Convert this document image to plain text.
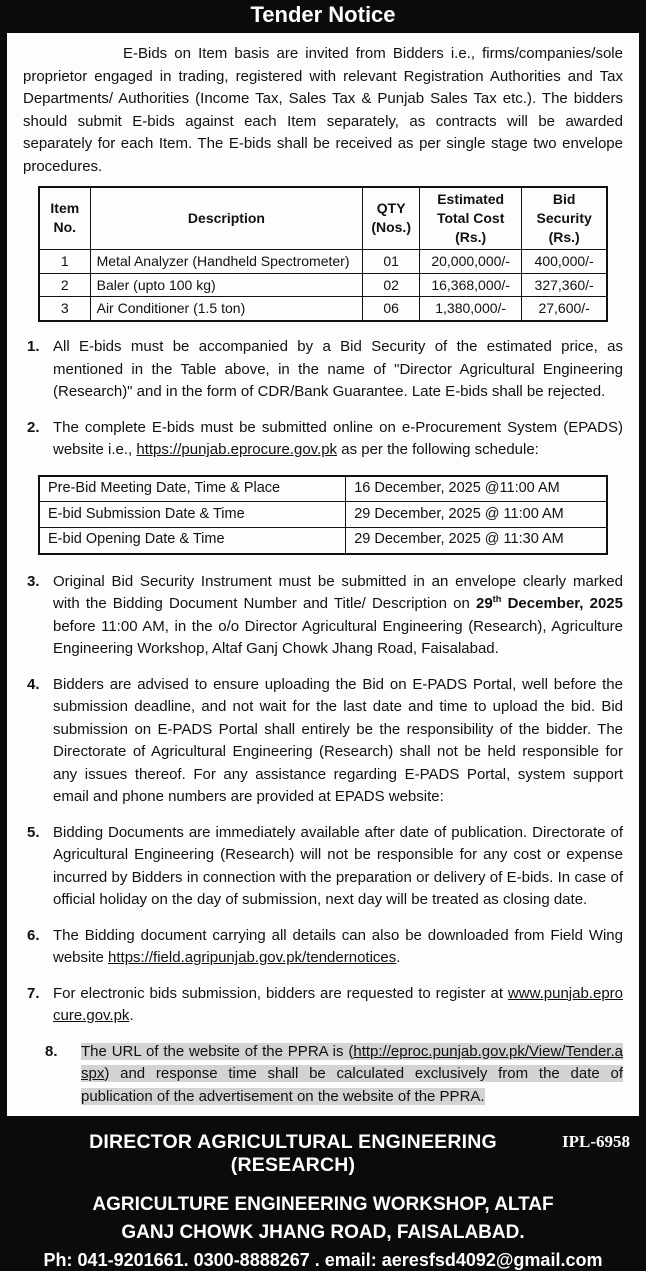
Tender Notice

E-Bids on Item basis are invited from Bidders i.e., firms/companies/sole proprietor engaged in trading, registered with relevant Registration Authorities and Tax Departments/ Authorities (Income Tax, Sales Tax & Punjab Sales Tax etc.). The bidders should submit E-bids against each Item separately, as contracts will be awarded separately for each Item. The E-bids shall be received as per single stage two envelope procedures.

Item No.	Description	QTY (Nos.)	Estimated Total Cost (Rs.)	Bid Security (Rs.)
1	Metal Analyzer (Handheld Spectrometer)	01	20,000,000/-	400,000/-
2	Baler (upto 100 kg)	02	16,368,000/-	327,360/-
3	Air Conditioner (1.5 ton)	06	1,380,000/-	27,600/-
1. All E-bids must be accompanied by a Bid Security of the estimated price, as mentioned in the Table above, in the name of "Director Agricultural Engineering (Research)" and in the form of CDR/Bank Guarantee. Late E-bids shall be rejected.
2. The complete E-bids must be submitted online on e-Procurement System (EPADS) website i.e., https://punjab.eprocure.gov.pk as per the following schedule:
Pre-Bid Meeting Date, Time & Place	16 December, 2025 @11:00 AM
E-bid Submission Date & Time	29 December, 2025 @ 11:00 AM
E-bid Opening Date & Time	29 December, 2025 @ 11:30 AM
3. Original Bid Security Instrument must be submitted in an envelope clearly marked with the Bidding Document Number and Title/ Description on 29th December, 2025 before 11:00 AM, in the o/o Director Agricultural Engineering (Research), Agriculture Engineering Workshop, Altaf Ganj Chowk Jhang Road, Faisalabad.
4. Bidders are advised to ensure uploading the Bid on E-PADS Portal, well before the submission deadline, and not wait for the last date and time to upload the bid. Bid submission on E-PADS Portal shall entirely be the responsibility of the bidder. The Directorate of Agricultural Engineering (Research) shall not be held responsible for any issues thereof. For any assistance regarding E-PADS Portal, system support email and phone numbers are provided at EPADS website:
5. Bidding Documents are immediately available after date of publication. Directorate of Agricultural Engineering (Research) will not be responsible for any cost or expense incurred by Bidders in connection with the preparation or delivery of E-bids. In case of official holiday on the day of submission, next day will be treated as closing date.
6. The Bidding document carrying all details can also be downloaded from Field Wing website https://field.agripunjab.gov.pk/tendernotices.
7. For electronic bids submission, bidders are requested to register at www.punjab.eprocure.gov.pk.
8.	The URL of the website of the PPRA is (http://eproc.punjab.gov.pk/View/Tender.aspx) and response time shall be calculated exclusively from the date of publication of the advertisement on the website of the PPRA.
DIRECTOR AGRICULTURAL ENGINEERING (RESEARCH)
IPL-6958
AGRICULTURE ENGINEERING WORKSHOP, ALTAF
GANJ CHOWK JHANG ROAD, FAISALABAD.
Ph: 041-9201661. 0300-8888267 . email: aeresfsd4092@gmail.com
